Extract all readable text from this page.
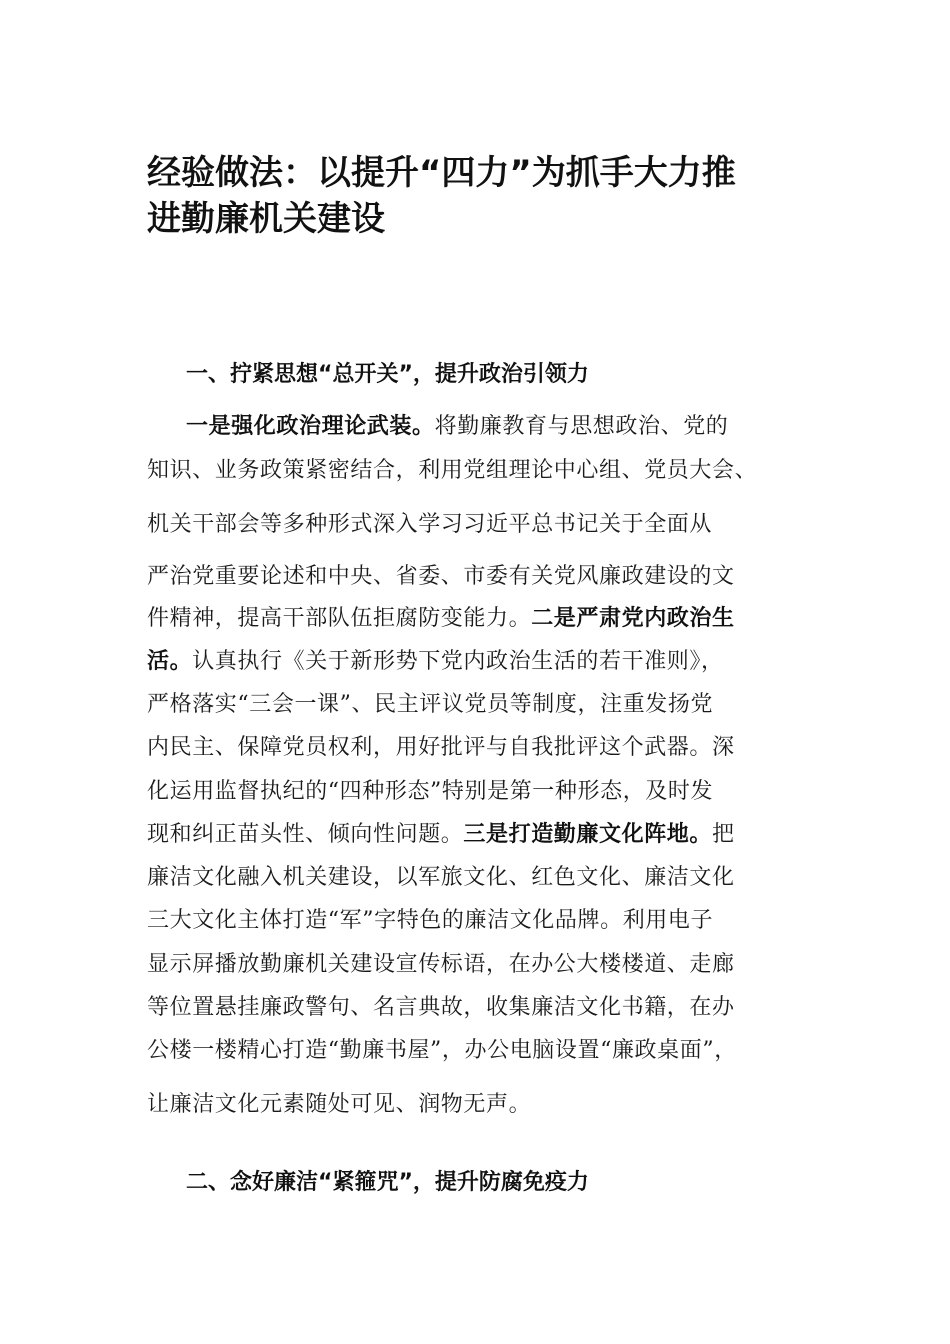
经验做法：以提升“四力”为抓手大力推
进勤廉机关建设

一、拧紧思想“总开关”，提升政治引领力

一是强化政治理论武装。将勤廉教育与思想政治、党的

知识、业务政策紧密结合，利用党组理论中心组、党员大会、

机关干部会等多种形式深入学习习近平总书记关于全面从

严治党重要论述和中央、省委、市委有关党风廉政建设的文

件精神，提高干部队伍拒腐防变能力。二是严肃党内政治生

活。认真执行《关于新形势下党内政治生活的若干准则》，

严格落实“三会一课”、民主评议党员等制度，注重发扬党

内民主、保障党员权利，用好批评与自我批评这个武器。深

化运用监督执纪的“四种形态”特别是第一种形态，及时发

现和纠正苗头性、倾向性问题。三是打造勤廉文化阵地。把

廉洁文化融入机关建设，以军旅文化、红色文化、廉洁文化

三大文化主体打造“军”字特色的廉洁文化品牌。利用电子

显示屏播放勤廉机关建设宣传标语，在办公大楼楼道、走廊

等位置悬挂廉政警句、名言典故，收集廉洁文化书籍，在办

公楼一楼精心打造“勤廉书屋”，办公电脑设置“廉政桌面”，

让廉洁文化元素随处可见、润物无声。

二、念好廉洁“紧箍咒”，提升防腐免疫力
